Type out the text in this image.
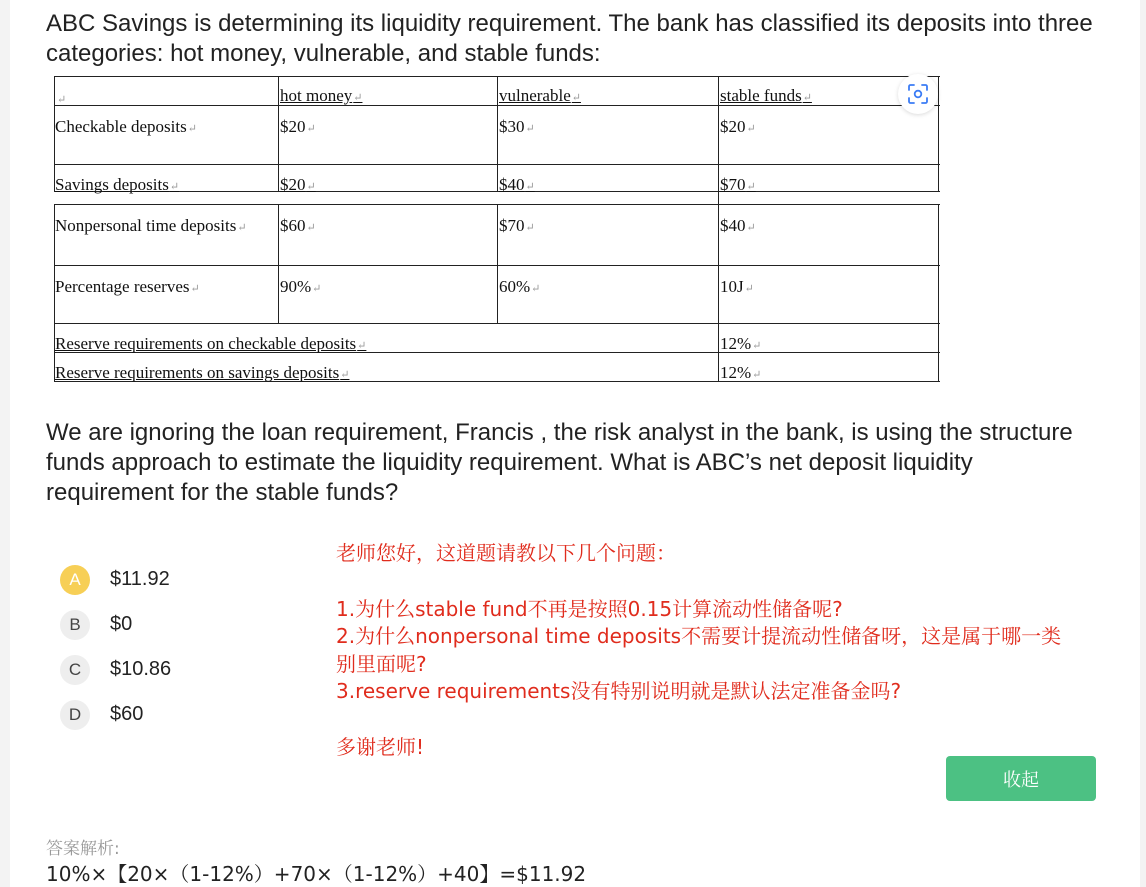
ABC Savings is determining its liquidity requirement. The bank has classified its deposits into three categories: hot money, vulnerable, and stable funds:
↵	hot money↵	vulnerable↵	stable funds↵
Checkable deposits↵	$20↵	$30↵	$20↵
Savings deposits↵	$20↵	$40↵	$70↵
Nonpersonal time deposits↵ $60↵	$70↵	$40↵
Percentage reserves↵	90%↵	60%↵	10J↵
Reserve requirements on checkable deposits↵	12%↵
Reserve requirements on savings deposits↵	12%↵
We are ignoring the loan requirement, Francis , the risk analyst in the bank, is using the structure funds approach to estimate the liquidity requirement. What is ABC’s net deposit liquidity requirement for the stable funds?
A	$11.92
B	$0
C	$10.86
D	$60

老师您好，这道题请教以下几个问题：

1.为什么stable fund不再是按照0.15计算流动性储备呢?

2.为什么nonpersonal time deposits不需要计提流动性储备呀，这是属于哪一类别里面呢?

3.reserve requirements没有特别说明就是默认法定准备金吗?

多谢老师!

收起
答案解析:
10%×【20×（1-12%）+70×（1-12%）+40】=$11.92
